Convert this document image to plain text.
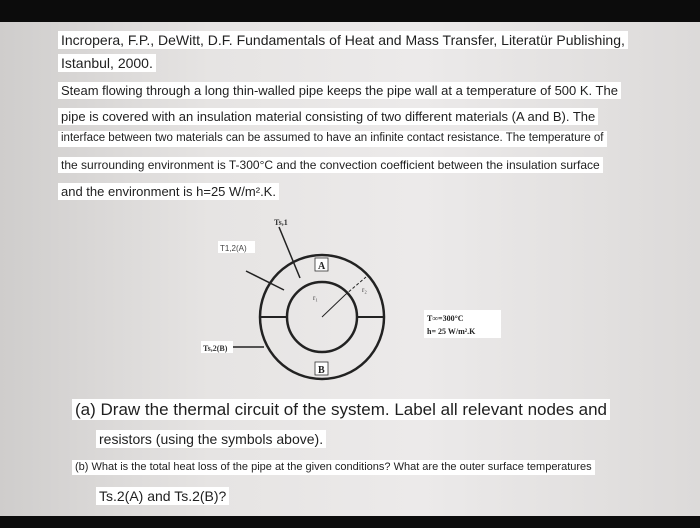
Incropera, F.P., DeWitt, D.F. Fundamentals of Heat and Mass Transfer, Literatür Publishing,
Istanbul, 2000.
Steam flowing through a long thin-walled pipe keeps the pipe wall at a temperature of 500 K. The
pipe is covered with an insulation material consisting of two different materials (A and B). The
interface between two materials can be assumed to have an infinite contact resistance. The temperature of
the surrounding environment is T-300°C and the convection coefficient between the insulation surface
and the environment is h=25 W/m².K.
Ts,1
T1,2(A)
Ts,2(B)
A
B
r₁
r₂
T∞=300°C
h= 25 W/m².K
(a) Draw the thermal circuit of the system. Label all relevant nodes and
resistors (using the symbols above).
(b) What is the total heat loss of the pipe at the given conditions? What are the outer surface temperatures
Ts.2(A) and Ts.2(B)?
